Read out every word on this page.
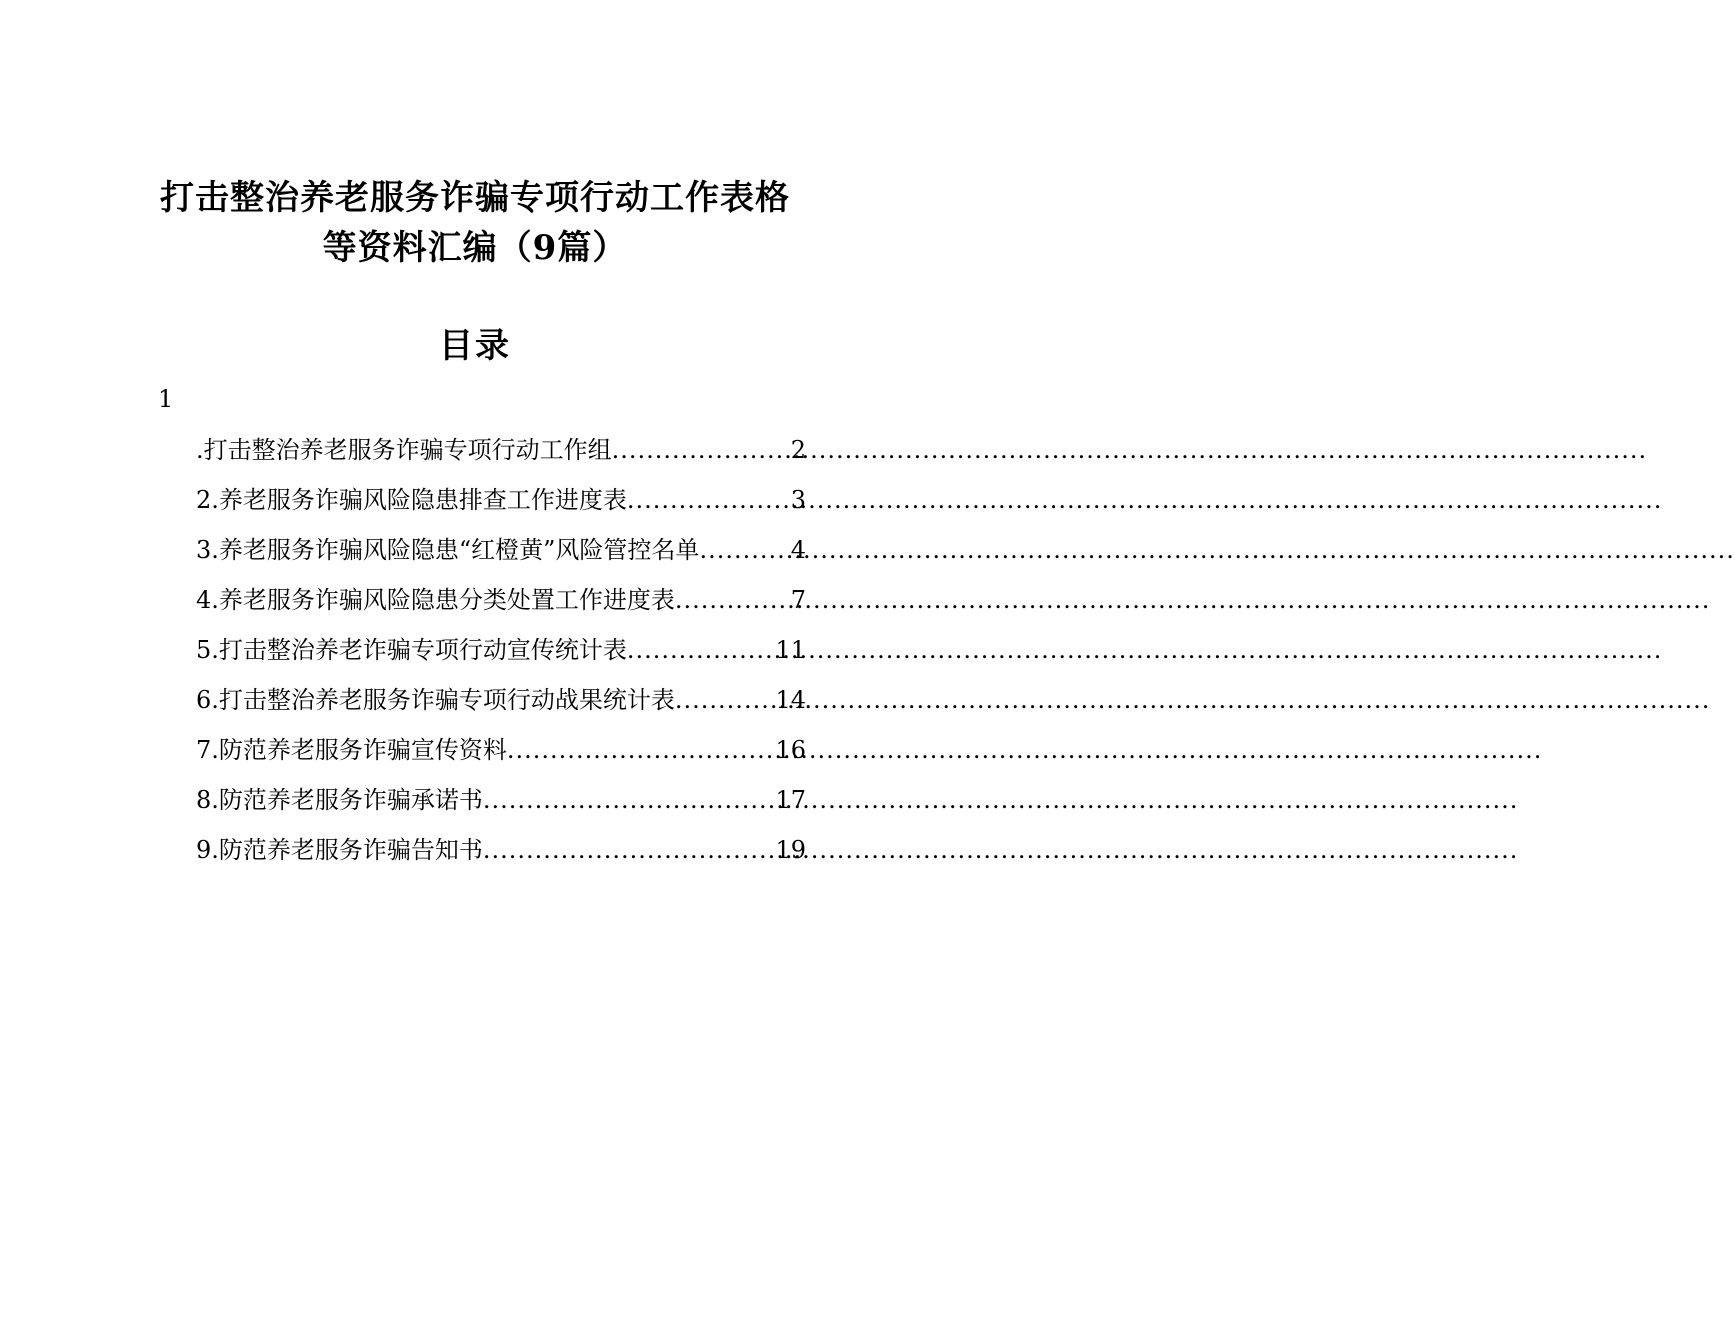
打击整治养老服务诈骗专项行动工作表格
等资料汇编（9篇）
目录
1
.打击整治养老服务诈骗专项行动工作组 .....	2
2.养老服务诈骗风险隐患排查工作进度表 .....	3
3.养老服务诈骗风险隐患“红橙黄”风险管控名单 .....	4
4.养老服务诈骗风险隐患分类处置工作进度表 .....	7
5.打击整治养老诈骗专项行动宣传统计表 .....	11
6.打击整治养老服务诈骗专项行动战果统计表 .....	14
7.防范养老服务诈骗宣传资料 .....	16
8.防范养老服务诈骗承诺书 .....	17
9.防范养老服务诈骗告知书 .....	19
